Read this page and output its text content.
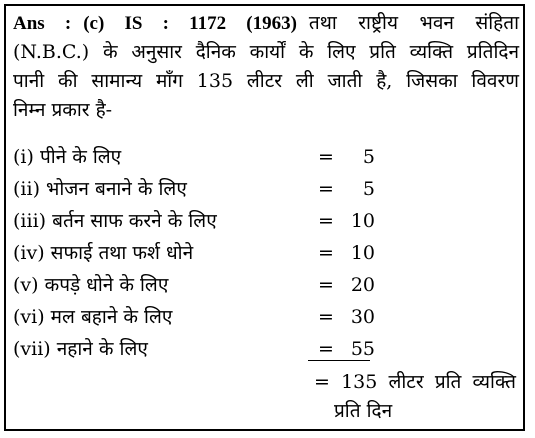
Ans : (c) IS : 1172 (1963) तथा राष्ट्रीय भवन संहिता
(N.B.C.) के अनुसार दैनिक कार्यों के लिए प्रति व्यक्ति प्रतिदिन
पानी की सामान्य माँग 135 लीटर ली जाती है, जिसका विवरण
निम्न प्रकार है-

(i) पीने के लिए	=	5
(ii) भोजन बनाने के लिए	=	5
(iii) बर्तन साफ करने के लिए	= 10
(iv) सफाई तथा फर्श धोने	= 10
(v) कपड़े धोने के लिए	= 20
(vi) मल बहाने के लिए	= 30
(vii) नहाने के लिए	= 55
= 135 लीटर प्रति व्यक्ति
प्रति दिन
